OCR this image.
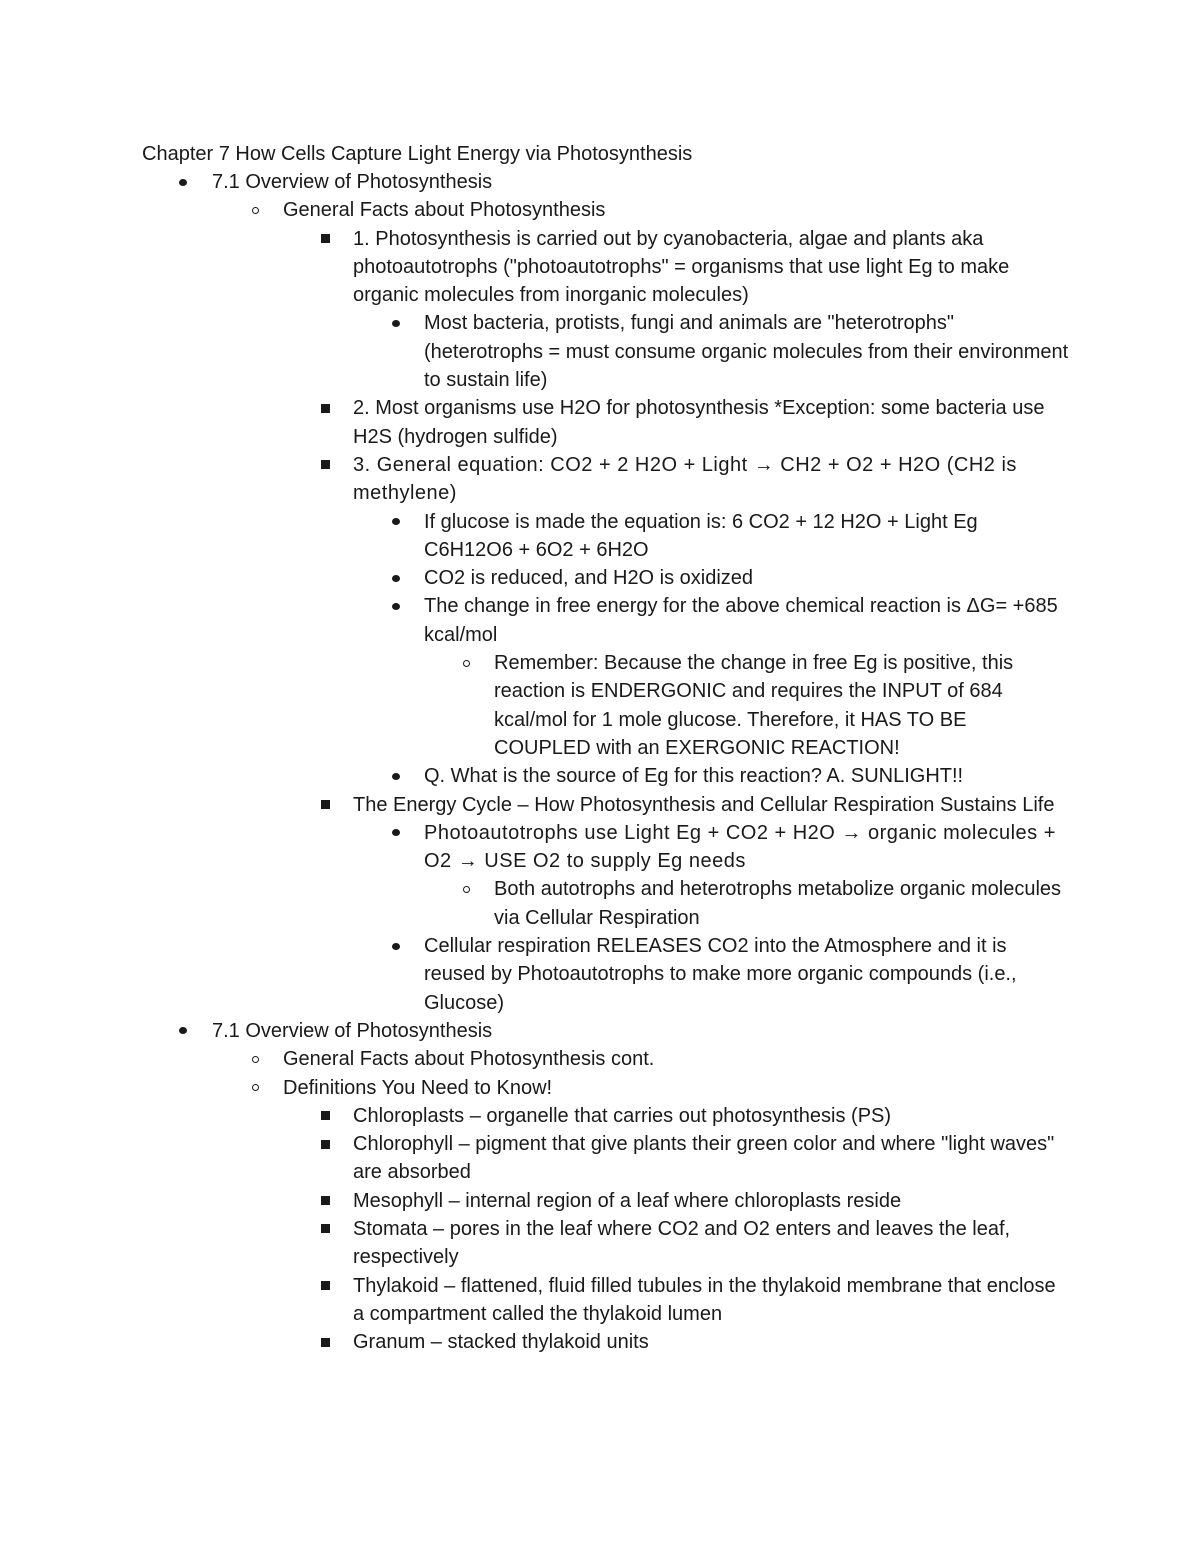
Chapter 7 How Cells Capture Light Energy via Photosynthesis
7.1 Overview of Photosynthesis
General Facts about Photosynthesis
1. Photosynthesis is carried out by cyanobacteria, algae and plants aka photoautotrophs ("photoautotrophs" = organisms that use light Eg to make organic molecules from inorganic molecules)
Most bacteria, protists, fungi and animals are "heterotrophs" (heterotrophs = must consume organic molecules from their environment to sustain life)
2. Most organisms use H2O for photosynthesis *Exception: some bacteria use H2S (hydrogen sulfide)
3. General equation: CO2 + 2 H2O + Light → CH2 + O2 + H2O (CH2 is methylene)
If glucose is made the equation is: 6 CO2 + 12 H2O + Light Eg C6H12O6 + 6O2 + 6H2O
CO2 is reduced, and H2O is oxidized
The change in free energy for the above chemical reaction is ΔG= +685 kcal/mol
Remember: Because the change in free Eg is positive, this reaction is ENDERGONIC and requires the INPUT of 684 kcal/mol for 1 mole glucose. Therefore, it HAS TO BE COUPLED with an EXERGONIC REACTION!
Q. What is the source of Eg for this reaction? A. SUNLIGHT!!
The Energy Cycle – How Photosynthesis and Cellular Respiration Sustains Life
Photoautotrophs use Light Eg + CO2 + H2O → organic molecules + O2 → USE O2 to supply Eg needs
Both autotrophs and heterotrophs metabolize organic molecules via Cellular Respiration
Cellular respiration RELEASES CO2 into the Atmosphere and it is reused by Photoautotrophs to make more organic compounds (i.e., Glucose)
7.1 Overview of Photosynthesis
General Facts about Photosynthesis cont.
Definitions You Need to Know!
Chloroplasts – organelle that carries out photosynthesis (PS)
Chlorophyll – pigment that give plants their green color and where "light waves" are absorbed
Mesophyll – internal region of a leaf where chloroplasts reside
Stomata – pores in the leaf where CO2 and O2 enters and leaves the leaf, respectively
Thylakoid – flattened, fluid filled tubules in the thylakoid membrane that enclose a compartment called the thylakoid lumen
Granum – stacked thylakoid units
